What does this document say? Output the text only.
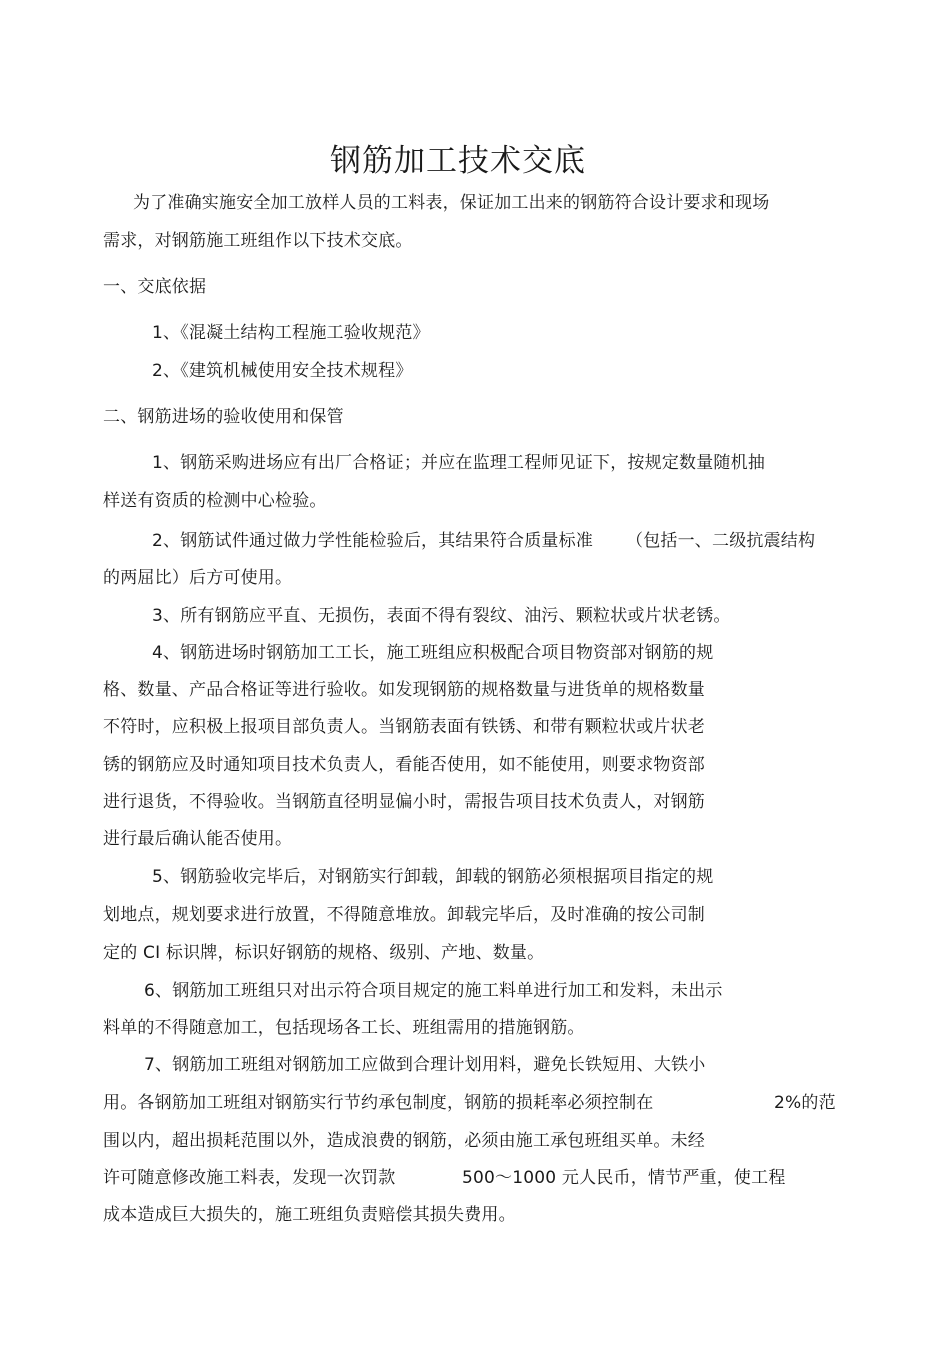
钢筋加工技术交底
为了准确实施安全加工放样人员的工料表，保证加工出来的钢筋符合设计要求和现场
需求，对钢筋施工班组作以下技术交底。
一、交底依据
1、《混凝土结构工程施工验收规范》
2、《建筑机械使用安全技术规程》
二、钢筋进场的验收使用和保管
1、钢筋采购进场应有出厂合格证；并应在监理工程师见证下，按规定数量随机抽
样送有资质的检测中心检验。
2、钢筋试件通过做力学性能检验后，其结果符合质量标准 （包括一、二级抗震结构
的两屈比）后方可使用。
3、所有钢筋应平直、无损伤，表面不得有裂纹、油污、颗粒状或片状老锈。
4、钢筋进场时钢筋加工工长，施工班组应积极配合项目物资部对钢筋的规
格、数量、产品合格证等进行验收。如发现钢筋的规格数量与进货单的规格数量
不符时，应积极上报项目部负责人。当钢筋表面有铁锈、和带有颗粒状或片状老
锈的钢筋应及时通知项目技术负责人，看能否使用，如不能使用，则要求物资部
进行退货，不得验收。当钢筋直径明显偏小时，需报告项目技术负责人，对钢筋
进行最后确认能否使用。
5、钢筋验收完毕后，对钢筋实行卸载，卸载的钢筋必须根据项目指定的规
划地点，规划要求进行放置，不得随意堆放。卸载完毕后，及时准确的按公司制
定的 CI 标识牌，标识好钢筋的规格、级别、产地、数量。
6、钢筋加工班组只对出示符合项目规定的施工料单进行加工和发料，未出示
料单的不得随意加工，包括现场各工长、班组需用的措施钢筋。
7、钢筋加工班组对钢筋加工应做到合理计划用料，避免长铁短用、大铁小
用。各钢筋加工班组对钢筋实行节约承包制度，钢筋的损耗率必须控制在	2%的范
围以内，超出损耗范围以外，造成浪费的钢筋，必须由施工承包班组买单。未经
许可随意修改施工料表，发现一次罚款	500～1000 元人民币，情节严重，使工程
成本造成巨大损失的，施工班组负责赔偿其损失费用。
